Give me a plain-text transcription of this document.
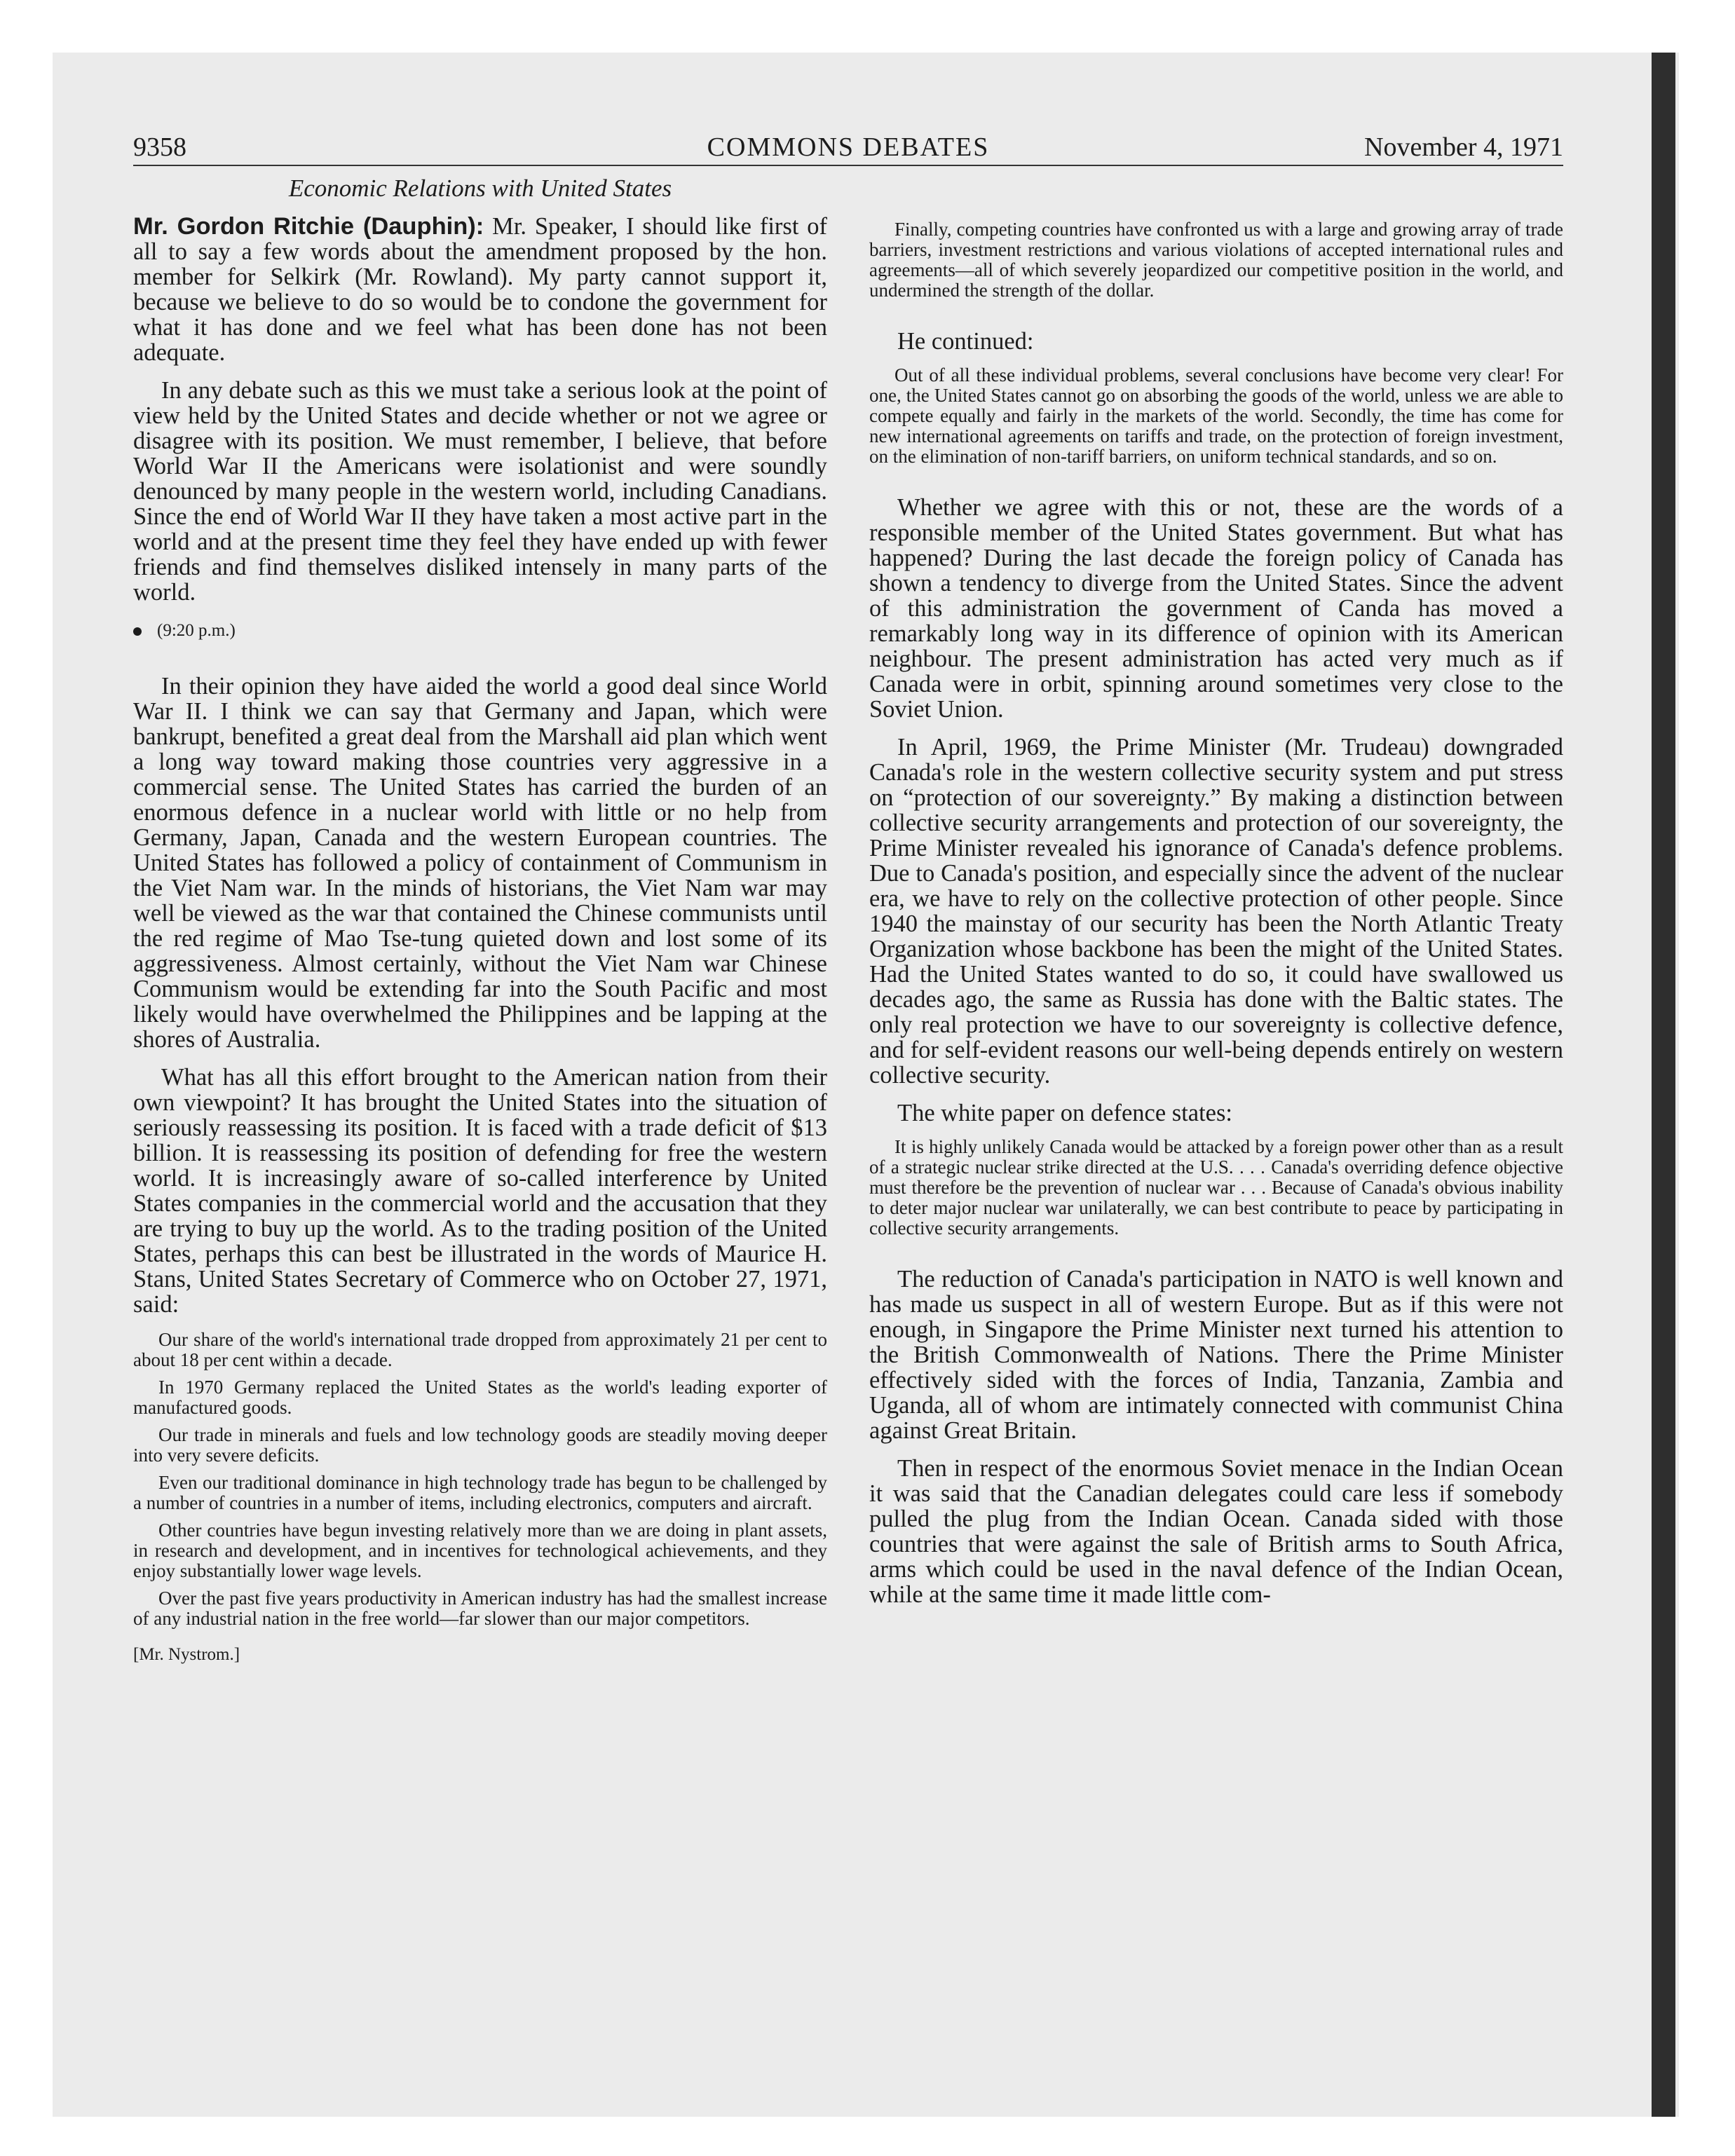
9358	COMMONS DEBATES	November 4, 1971
Economic Relations with United States

Mr. Gordon Ritchie (Dauphin): Mr. Speaker, I should like first of all to say a few words about the amendment proposed by the hon. member for Selkirk (Mr. Rowland). My party cannot support it, because we believe to do so would be to condone the government for what it has done and we feel what has been done has not been adequate.

In any debate such as this we must take a serious look at the point of view held by the United States and decide whether or not we agree or disagree with its position. We must remember, I believe, that before World War II the Americans were isolationist and were soundly denounced by many people in the western world, including Canadians. Since the end of World War II they have taken a most active part in the world and at the present time they feel they have ended up with fewer friends and find themselves disliked intensely in many parts of the world.

(9:20 p.m.)

In their opinion they have aided the world a good deal since World War II. I think we can say that Germany and Japan, which were bankrupt, benefited a great deal from the Marshall aid plan which went a long way toward making those countries very aggressive in a commercial sense. The United States has carried the burden of an enormous defence in a nuclear world with little or no help from Germany, Japan, Canada and the western European countries. The United States has followed a policy of containment of Communism in the Viet Nam war. In the minds of historians, the Viet Nam war may well be viewed as the war that contained the Chinese communists until the red regime of Mao Tse-tung quieted down and lost some of its aggressiveness. Almost certainly, without the Viet Nam war Chinese Communism would be extending far into the South Pacific and most likely would have overwhelmed the Philippines and be lapping at the shores of Australia.

What has all this effort brought to the American nation from their own viewpoint? It has brought the United States into the situation of seriously reassessing its position. It is faced with a trade deficit of $13 billion. It is reassessing its position of defending for free the western world. It is increasingly aware of so-called interference by United States companies in the commercial world and the accusation that they are trying to buy up the world. As to the trading position of the United States, perhaps this can best be illustrated in the words of Maurice H. Stans, United States Secretary of Commerce who on October 27, 1971, said:

Our share of the world's international trade dropped from approximately 21 per cent to about 18 per cent within a decade.
In 1970 Germany replaced the United States as the world's leading exporter of manufactured goods.
Our trade in minerals and fuels and low technology goods are steadily moving deeper into very severe deficits.
Even our traditional dominance in high technology trade has begun to be challenged by a number of countries in a number of items, including electronics, computers and aircraft.
Other countries have begun investing relatively more than we are doing in plant assets, in research and development, and in incentives for technological achievements, and they enjoy substantially lower wage levels.
Over the past five years productivity in American industry has had the smallest increase of any industrial nation in the free world—far slower than our major competitors.
[Mr. Nystrom.]
Finally, competing countries have confronted us with a large and growing array of trade barriers, investment restrictions and various violations of accepted international rules and agreements—all of which severely jeopardized our competitive position in the world, and undermined the strength of the dollar.
He continued:
Out of all these individual problems, several conclusions have become very clear! For one, the United States cannot go on absorbing the goods of the world, unless we are able to compete equally and fairly in the markets of the world. Secondly, the time has come for new international agreements on tariffs and trade, on the protection of foreign investment, on the elimination of non-tariff barriers, on uniform technical standards, and so on.

Whether we agree with this or not, these are the words of a responsible member of the United States government. But what has happened? During the last decade the foreign policy of Canada has shown a tendency to diverge from the United States. Since the advent of this administration the government of Canda has moved a remarkably long way in its difference of opinion with its American neighbour. The present administration has acted very much as if Canada were in orbit, spinning around sometimes very close to the Soviet Union.

In April, 1969, the Prime Minister (Mr. Trudeau) downgraded Canada's role in the western collective security system and put stress on “protection of our sovereignty.” By making a distinction between collective security arrangements and protection of our sovereignty, the Prime Minister revealed his ignorance of Canada's defence problems. Due to Canada's position, and especially since the advent of the nuclear era, we have to rely on the collective protection of other people. Since 1940 the mainstay of our security has been the North Atlantic Treaty Organization whose backbone has been the might of the United States. Had the United States wanted to do so, it could have swallowed us decades ago, the same as Russia has done with the Baltic states. The only real protection we have to our sovereignty is collective defence, and for self-evident reasons our well-being depends entirely on western collective security.

The white paper on defence states:
It is highly unlikely Canada would be attacked by a foreign power other than as a result of a strategic nuclear strike directed at the U.S. . . . Canada's overriding defence objective must therefore be the prevention of nuclear war . . . Because of Canada's obvious inability to deter major nuclear war unilaterally, we can best contribute to peace by participating in collective security arrangements.

The reduction of Canada's participation in NATO is well known and has made us suspect in all of western Europe. But as if this were not enough, in Singapore the Prime Minister next turned his attention to the British Commonwealth of Nations. There the Prime Minister effectively sided with the forces of India, Tanzania, Zambia and Uganda, all of whom are intimately connected with communist China against Great Britain.

Then in respect of the enormous Soviet menace in the Indian Ocean it was said that the Canadian delegates could care less if somebody pulled the plug from the Indian Ocean. Canada sided with those countries that were against the sale of British arms to South Africa, arms which could be used in the naval defence of the Indian Ocean, while at the same time it made little com-
